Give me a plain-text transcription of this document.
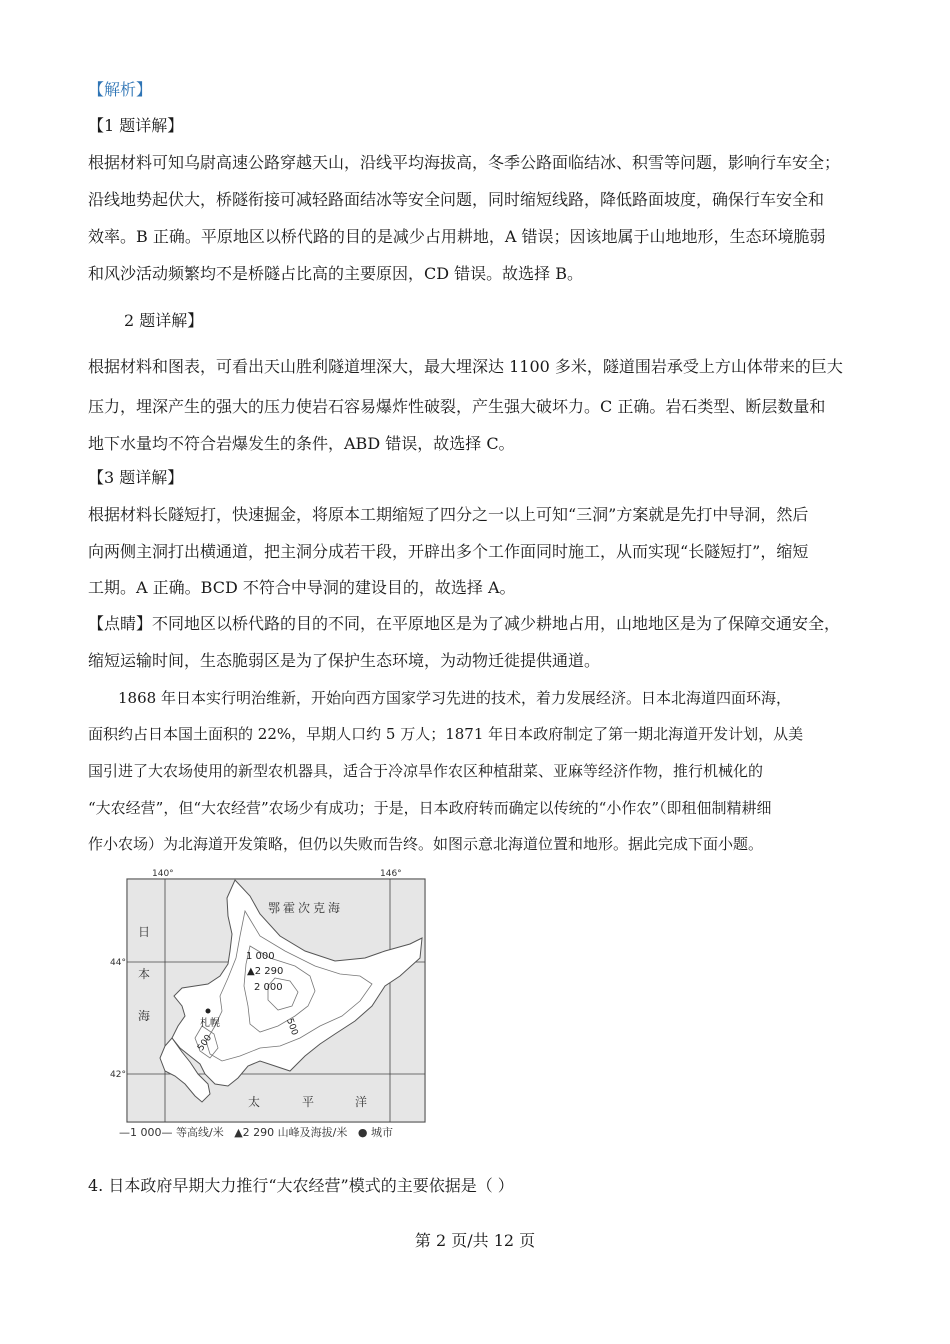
【解析】
【1 题详解】
根据材料可知乌尉高速公路穿越天山，沿线平均海拔高，冬季公路面临结冰、积雪等问题，影响行车安全；
沿线地势起伏大，桥隧衔接可减轻路面结冰等安全问题，同时缩短线路，降低路面坡度，确保行车安全和
效率。B 正确。平原地区以桥代路的目的是减少占用耕地，A 错误；因该地属于山地地形，生态环境脆弱
和风沙活动频繁均不是桥隧占比高的主要原因，CD 错误。故选择 B。
2 题详解】
根据材料和图表，可看出天山胜利隧道埋深大，最大埋深达 1100 多米，隧道围岩承受上方山体带来的巨大
压力，埋深产生的强大的压力使岩石容易爆炸性破裂，产生强大破坏力。C 正确。岩石类型、断层数量和
地下水量均不符合岩爆发生的条件，ABD 错误，故选择 C。
【3 题详解】
根据材料长隧短打，快速掘金，将原本工期缩短了四分之一以上可知“三洞”方案就是先打中导洞，然后
向两侧主洞打出横通道，把主洞分成若干段，开辟出多个工作面同时施工，从而实现“长隧短打”，缩短
工期。A 正确。BCD 不符合中导洞的建设目的，故选择 A。
【点睛】不同地区以桥代路的目的不同，在平原地区是为了减少耕地占用，山地地区是为了保障交通安全，
缩短运输时间，生态脆弱区是为了保护生态环境，为动物迁徙提供通道。
1868 年日本实行明治维新，开始向西方国家学习先进的技术，着力发展经济。日本北海道四面环海，
面积约占日本国土面积的 22%，早期人口约 5 万人；1871 年日本政府制定了第一期北海道开发计划，从美
国引进了大农场使用的新型农机器具，适合于冷凉旱作农区种植甜菜、亚麻等经济作物，推行机械化的
“大农经营”，但“大农经营”农场少有成功；于是，日本政府转而确定以传统的“小作农”（即租佃制精耕细
作小农场）为北海道开发策略，但仍以失败而告终。如图示意北海道位置和地形。据此完成下面小题。
140°	146°
44°
42°
鄂霍次克海
日
本
海
太	平	洋
1 000
2 000
▲2 290
500
500
札幌
—1 000— 等高线/米 ▲2 290 山峰及海拔/米 ● 城市
4. 日本政府早期大力推行“大农经营”模式的主要依据是（ ）
第 2 页/共 12 页
